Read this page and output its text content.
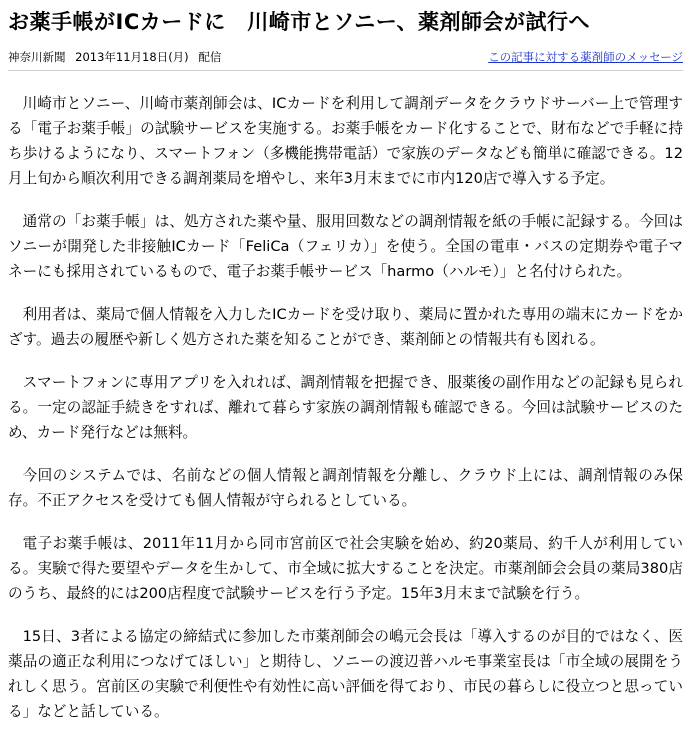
お薬手帳がICカードに　川崎市とソニー、薬剤師会が試行へ
神奈川新聞 2013年11月18日(月) 配信	この記事に対する薬剤師のメッセージ

川崎市とソニー、川崎市薬剤師会は、ICカードを利用して調剤データをクラウドサーバー上で管理する「電子お薬手帳」の試験サービスを実施する。お薬手帳をカード化することで、財布などで手軽に持ち歩けるようになり、スマートフォン（多機能携帯電話）で家族のデータなども簡単に確認できる。12月上旬から順次利用できる調剤薬局を増やし、来年3月末までに市内120店で導入する予定。

通常の「お薬手帳」は、処方された薬や量、服用回数などの調剤情報を紙の手帳に記録する。今回はソニーが開発した非接触ICカード「FeliCa（フェリカ）」を使う。全国の電車・バスの定期券や電子マネーにも採用されているもので、電子お薬手帳サービス「harmo（ハルモ）」と名付けられた。

利用者は、薬局で個人情報を入力したICカードを受け取り、薬局に置かれた専用の端末にカードをかざす。過去の履歴や新しく処方された薬を知ることができ、薬剤師との情報共有も図れる。

スマートフォンに専用アプリを入れれば、調剤情報を把握でき、服薬後の副作用などの記録も見られる。一定の認証手続きをすれば、離れて暮らす家族の調剤情報も確認できる。今回は試験サービスのため、カード発行などは無料。

今回のシステムでは、名前などの個人情報と調剤情報を分離し、クラウド上には、調剤情報のみ保存。不正アクセスを受けても個人情報が守られるとしている。

電子お薬手帳は、2011年11月から同市宮前区で社会実験を始め、約20薬局、約千人が利用している。実験で得た要望やデータを生かして、市全域に拡大することを決定。市薬剤師会会員の薬局380店のうち、最終的には200店程度で試験サービスを行う予定。15年3月末まで試験を行う。

15日、3者による協定の締結式に参加した市薬剤師会の嶋元会長は「導入するのが目的ではなく、医薬品の適正な利用につなげてほしい」と期待し、ソニーの渡辺普ハルモ事業室長は「市全域の展開をうれしく思う。宮前区の実験で利便性や有効性に高い評価を得ており、市民の暮らしに役立つと思っている」などと話している。
